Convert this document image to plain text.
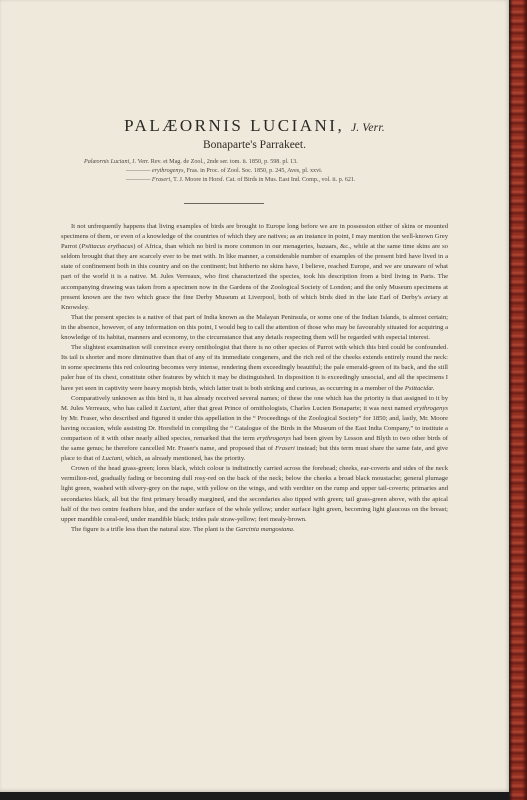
PALÆORNIS LUCIANI, J. Verr.
Bonaparte's Parrakeet.
Palæornis Luciani, J. Verr. Rev. et Mag. de Zool., 2nde ser. tom. ii. 1850, p. 598. pl. 13.
———— erythrogenys, Fras. in Proc. of Zool. Soc. 1850, p. 245, Aves, pl. xxvi.
———— Fraseri, T. J. Moore in Horsf. Cat. of Birds in Mus. East Ind. Comp., vol. ii. p. 621.

It not unfrequently happens that living examples of birds are brought to Europe long before we are in possession either of skins or mounted specimens of them, or even of a knowledge of the countries of which they are natives; as an instance in point, I may mention the well-known Grey Parrot (Psittacus erythacus) of Africa, than which no bird is more common in our menageries, bazaars, &c., while at the same time skins are so seldom brought that they are scarcely ever to be met with. In like manner, a considerable number of examples of the present bird have lived in a state of confinement both in this country and on the continent; but hitherto no skins have, I believe, reached Europe, and we are unaware of what part of the world it is a native. M. Jules Verreaux, who first characterized the species, took his description from a bird living in Paris. The accompanying drawing was taken from a specimen now in the Gardens of the Zoological Society of London; and the only Museum specimens at present known are the two which grace the fine Derby Museum at Liverpool, both of which birds died in the late Earl of Derby's aviary at Knowsley.

That the present species is a native of that part of India known as the Malayan Peninsula, or some one of the Indian Islands, is almost certain; in the absence, however, of any information on this point, I would beg to call the attention of those who may be favourably situated for acquiring a knowledge of its habitat, manners and economy, to the circumstance that any details respecting them will be regarded with especial interest.

The slightest examination will convince every ornithologist that there is no other species of Parrot with which this bird could be confounded. Its tail is shorter and more diminutive than that of any of its immediate congeners, and the rich red of the cheeks extends entirely round the neck: in some specimens this red colouring becomes very intense, rendering them exceedingly beautiful; the pale emerald-green of its back, and the still paler hue of its chest, constitute other features by which it may be distinguished. In disposition it is exceedingly unsocial, and all the specimens I have yet seen in captivity were heavy mopish birds, which latter trait is both striking and curious, as occurring in a member of the Psittacidæ.

Comparatively unknown as this bird is, it has already received several names; of these the one which has the priority is that assigned to it by M. Jules Verreaux, who has called it Luciani, after that great Prince of ornithologists, Charles Lucien Bonaparte; it was next named erythrogenys by Mr. Fraser, who described and figured it under this appellation in the “ Proceedings of the Zoological Society” for 1850; and, lastly, Mr. Moore having occasion, while assisting Dr. Horsfield in compiling the “ Catalogue of the Birds in the Museum of the East India Company,” to institute a comparison of it with other nearly allied species, remarked that the term erythrogenys had been given by Lesson and Blyth to two other birds of the same genus; he therefore cancelled Mr. Fraser's name, and proposed that of Fraseri instead; but this term must share the same fate, and give place to that of Luciani, which, as already mentioned, has the priority.

Crown of the head grass-green; lores black, which colour is indistinctly carried across the forehead; cheeks, ear-coverts and sides of the neck vermilion-red, gradually fading or becoming dull rosy-red on the back of the neck; below the cheeks a broad black moustache; general plumage light green, washed with silvery-grey on the nape, with yellow on the wings, and with verditer on the rump and upper tail-coverts; primaries and secondaries black, all but the first primary broadly margined, and the secondaries also tipped with green; tail grass-green above, with the apical half of the two centre feathers blue, and the under surface of the whole yellow; under surface light green, becoming light glaucous on the breast; upper mandible coral-red, under mandible black; irides pale straw-yellow; feet mealy-brown.

The figure is a trifle less than the natural size. The plant is the Garcinia mangostana.
